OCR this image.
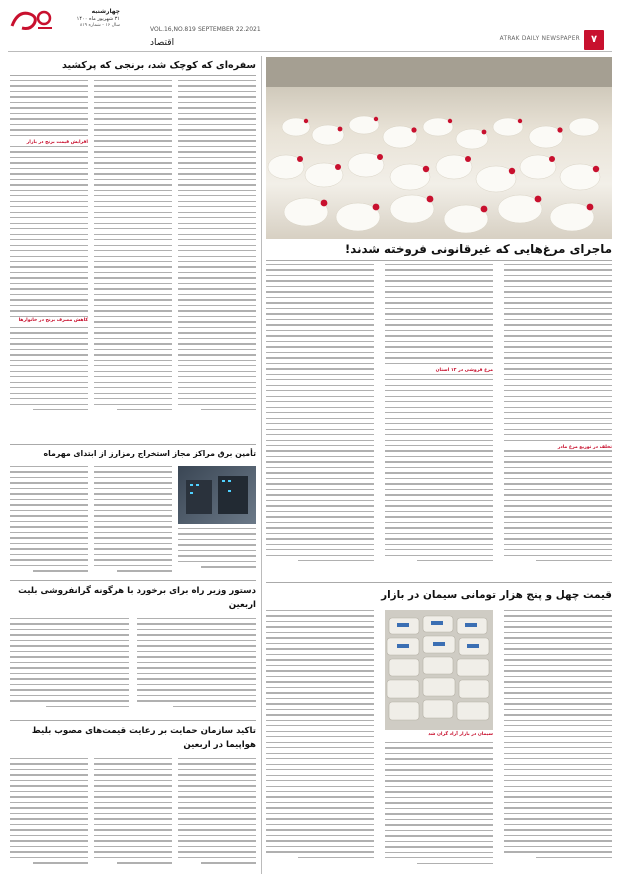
چهارشنبه
۳۱ شهریور ماه ۱۴۰۰
سال ۱۶ - شماره ۸۱۹
VOL.16,NO.819 SEPTEMBER 22.2021
اقتصاد	ATRAK DAILY NEWSPAPER	۷
سفره‌ای که کوچک شد، برنجی که پرکشید
افزایش قیمت برنج در بازار
کاهش مصرف برنج در خانوارها
ماجرای مرغ‌هایی که غیرقانونی فروخته شدند!
مرغ فروشی در ۱۲ استان
تخلف در توزیع مرغ مادر
تأمین برق مراکز مجاز استخراج رمزارز از ابتدای مهرماه
دستور وزیر راه برای برخورد با هرگونه گرانفروشی بلیت اربعین
تاکید سازمان حمایت بر رعایت قیمت‌های مصوب بلیط هواپیما در اربعین
قیمت چهل و پنج هزار تومانی سیمان در بازار
سیمان در بازار آزاد گران شد
